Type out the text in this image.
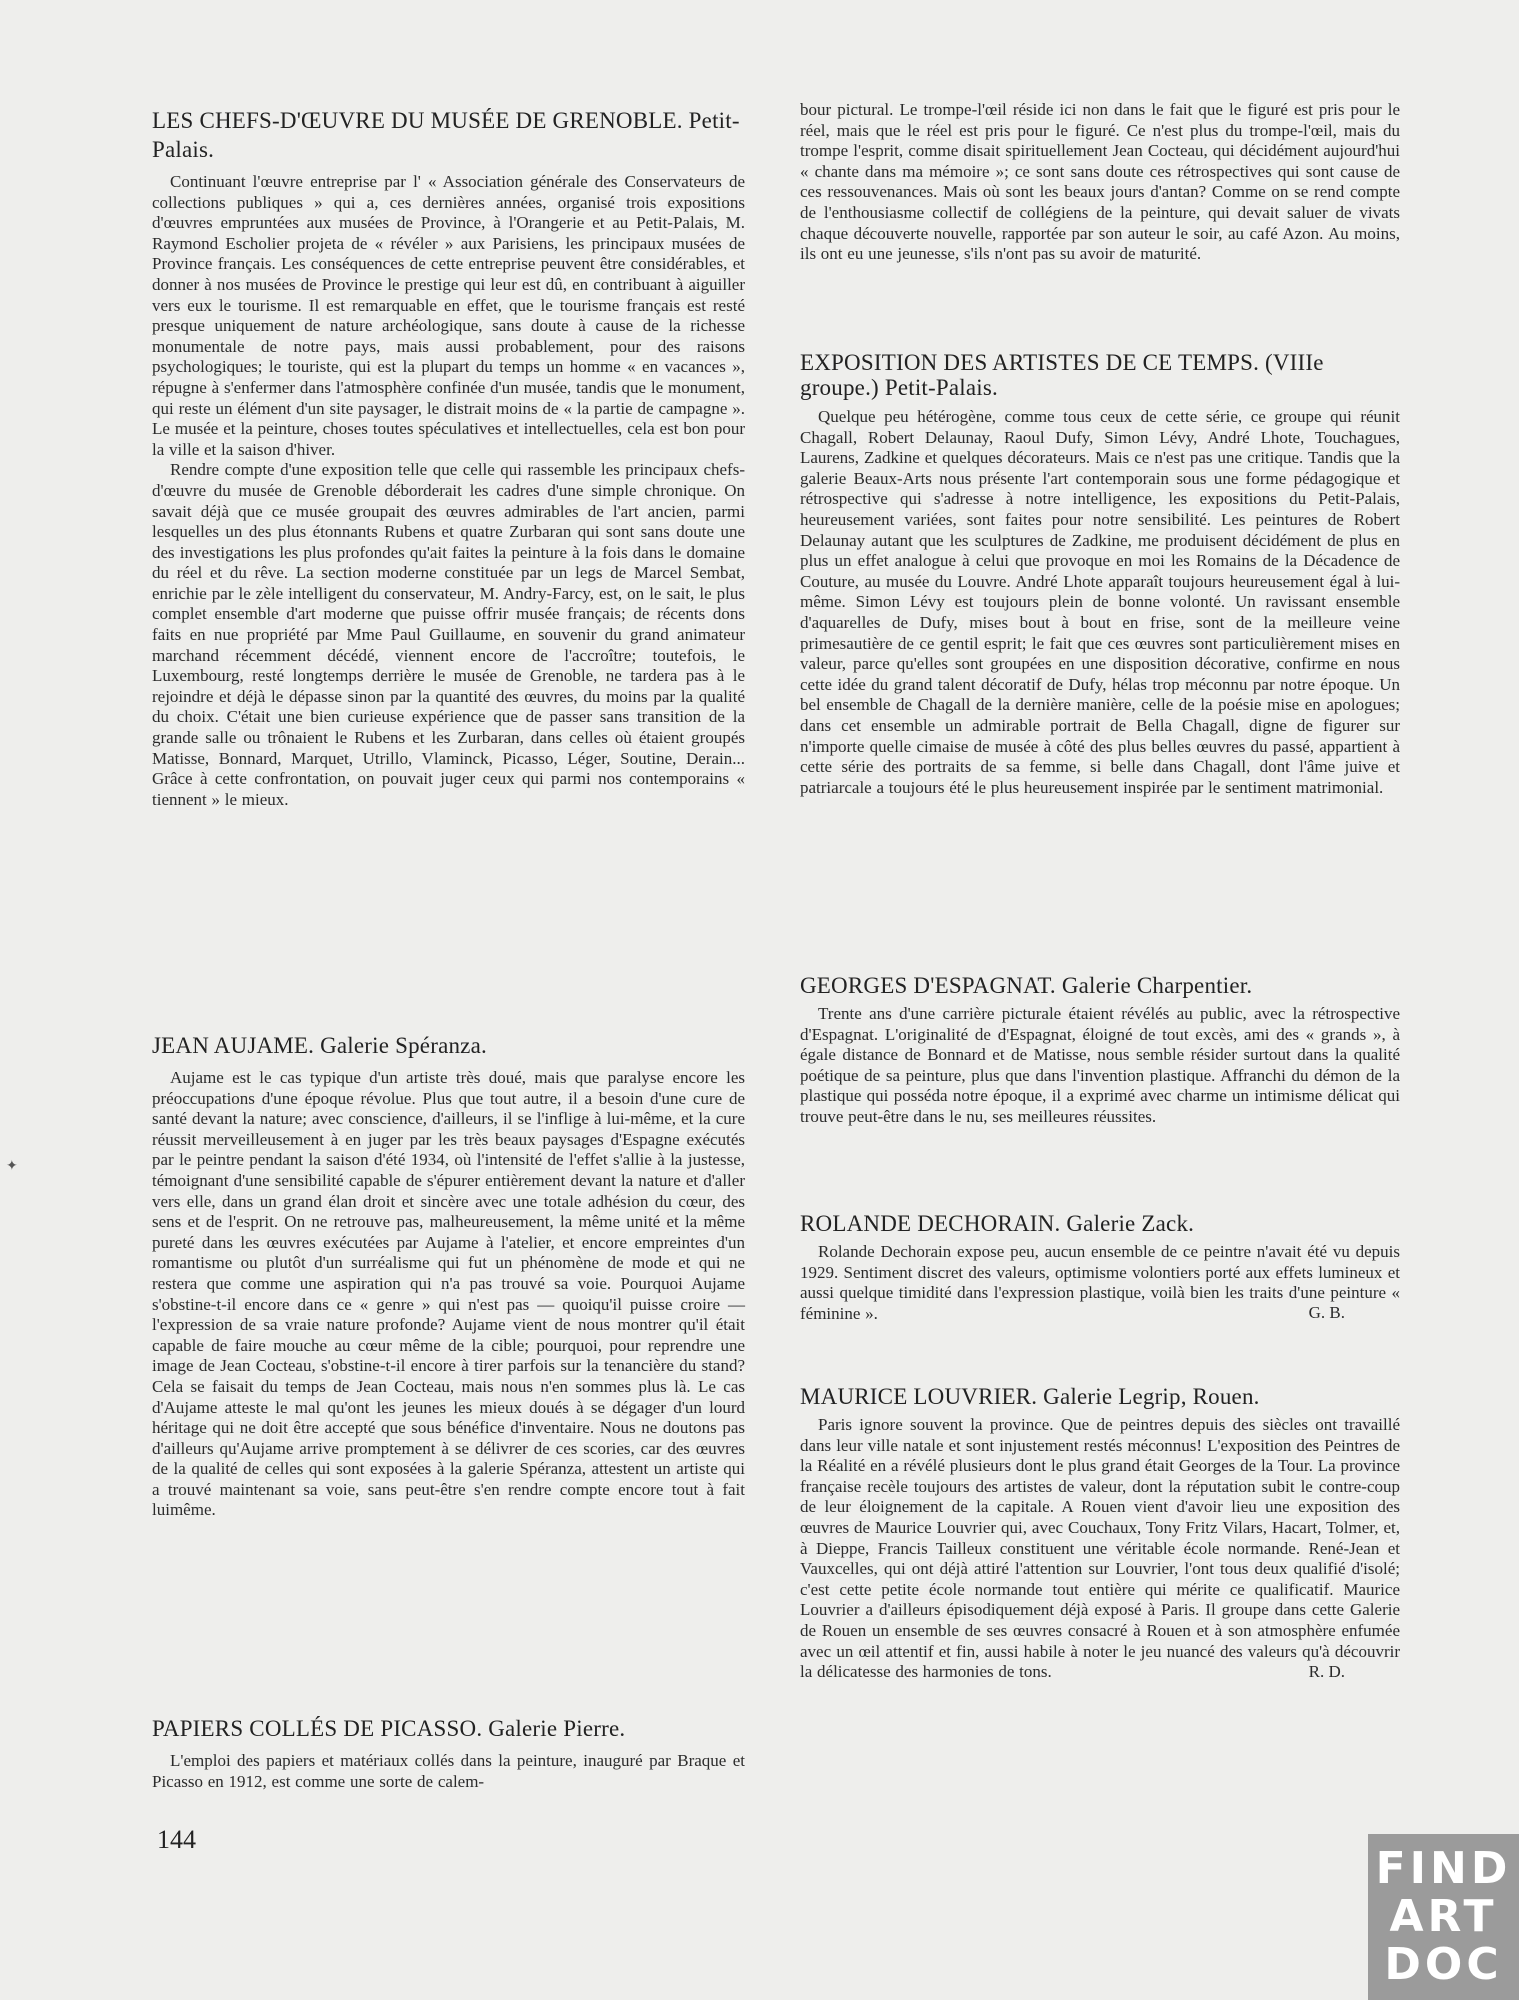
LES CHEFS-D'ŒUVRE DU MUSÉE DE GRENOBLE. Petit-Palais.

Continuant l'œuvre entreprise par l' « Association générale des Conservateurs de collections publiques » qui a, ces dernières années, organisé trois expositions d'œuvres empruntées aux musées de Province, à l'Orangerie et au Petit-Palais, M. Raymond Escholier projeta de « révéler » aux Parisiens, les principaux musées de Province français. Les conséquences de cette entreprise peuvent être considérables, et donner à nos musées de Province le prestige qui leur est dû, en contribuant à aiguiller vers eux le tourisme. Il est remarquable en effet, que le tourisme français est resté presque uniquement de nature archéologique, sans doute à cause de la richesse monumentale de notre pays, mais aussi probablement, pour des raisons psychologiques; le touriste, qui est la plupart du temps un homme « en vacances », répugne à s'enfermer dans l'atmosphère confinée d'un musée, tandis que le monument, qui reste un élément d'un site paysager, le distrait moins de « la partie de campagne ». Le musée et la peinture, choses toutes spéculatives et intellectuelles, cela est bon pour la ville et la saison d'hiver.

Rendre compte d'une exposition telle que celle qui rassemble les principaux chefs-d'œuvre du musée de Grenoble déborderait les cadres d'une simple chronique. On savait déjà que ce musée groupait des œuvres admirables de l'art ancien, parmi lesquelles un des plus étonnants Rubens et quatre Zurbaran qui sont sans doute une des investigations les plus profondes qu'ait faites la peinture à la fois dans le domaine du réel et du rêve. La section moderne constituée par un legs de Marcel Sembat, enrichie par le zèle intelligent du conservateur, M. Andry-Farcy, est, on le sait, le plus complet ensemble d'art moderne que puisse offrir musée français; de récents dons faits en nue propriété par Mme Paul Guillaume, en souvenir du grand animateur marchand récemment décédé, viennent encore de l'accroître; toutefois, le Luxembourg, resté longtemps derrière le musée de Grenoble, ne tardera pas à le rejoindre et déjà le dépasse sinon par la quantité des œuvres, du moins par la qualité du choix. C'était une bien curieuse expérience que de passer sans transition de la grande salle ou trônaient le Rubens et les Zurbaran, dans celles où étaient groupés Matisse, Bonnard, Marquet, Utrillo, Vlaminck, Picasso, Léger, Soutine, Derain... Grâce à cette confrontation, on pouvait juger ceux qui parmi nos contemporains « tiennent » le mieux.

JEAN AUJAME. Galerie Spéranza.

Aujame est le cas typique d'un artiste très doué, mais que paralyse encore les préoccupations d'une époque révolue. Plus que tout autre, il a besoin d'une cure de santé devant la nature; avec conscience, d'ailleurs, il se l'inflige à lui-même, et la cure réussit merveilleusement à en juger par les très beaux paysages d'Espagne exécutés par le peintre pendant la saison d'été 1934, où l'intensité de l'effet s'allie à la justesse, témoignant d'une sensibilité capable de s'épurer entièrement devant la nature et d'aller vers elle, dans un grand élan droit et sincère avec une totale adhésion du cœur, des sens et de l'esprit. On ne retrouve pas, malheureusement, la même unité et la même pureté dans les œuvres exécutées par Aujame à l'atelier, et encore empreintes d'un romantisme ou plutôt d'un surréalisme qui fut un phénomène de mode et qui ne restera que comme une aspiration qui n'a pas trouvé sa voie. Pourquoi Aujame s'obstine-t-il encore dans ce « genre » qui n'est pas — quoiqu'il puisse croire — l'expression de sa vraie nature profonde? Aujame vient de nous montrer qu'il était capable de faire mouche au cœur même de la cible; pourquoi, pour reprendre une image de Jean Cocteau, s'obstine-t-il encore à tirer parfois sur la tenancière du stand? Cela se faisait du temps de Jean Cocteau, mais nous n'en sommes plus là. Le cas d'Aujame atteste le mal qu'ont les jeunes les mieux doués à se dégager d'un lourd héritage qui ne doit être accepté que sous bénéfice d'inventaire. Nous ne doutons pas d'ailleurs qu'Aujame arrive promptement à se délivrer de ces scories, car des œuvres de la qualité de celles qui sont exposées à la galerie Spéranza, attestent un artiste qui a trouvé maintenant sa voie, sans peut-être s'en rendre compte encore tout à fait luimême.

PAPIERS COLLÉS DE PICASSO. Galerie Pierre.

L'emploi des papiers et matériaux collés dans la peinture, inauguré par Braque et Picasso en 1912, est comme une sorte de calem-

bour pictural. Le trompe-l'œil réside ici non dans le fait que le figuré est pris pour le réel, mais que le réel est pris pour le figuré. Ce n'est plus du trompe-l'œil, mais du trompe l'esprit, comme disait spirituellement Jean Cocteau, qui décidément aujourd'hui « chante dans ma mémoire »; ce sont sans doute ces rétrospectives qui sont cause de ces ressouvenances. Mais où sont les beaux jours d'antan? Comme on se rend compte de l'enthousiasme collectif de collégiens de la peinture, qui devait saluer de vivats chaque découverte nouvelle, rapportée par son auteur le soir, au café Azon. Au moins, ils ont eu une jeunesse, s'ils n'ont pas su avoir de maturité.

EXPOSITION DES ARTISTES DE CE TEMPS. (VIIIe groupe.) Petit-Palais.

Quelque peu hétérogène, comme tous ceux de cette série, ce groupe qui réunit Chagall, Robert Delaunay, Raoul Dufy, Simon Lévy, André Lhote, Touchagues, Laurens, Zadkine et quelques décorateurs. Mais ce n'est pas une critique. Tandis que la galerie Beaux-Arts nous présente l'art contemporain sous une forme pédagogique et rétrospective qui s'adresse à notre intelligence, les expositions du Petit-Palais, heureusement variées, sont faites pour notre sensibilité. Les peintures de Robert Delaunay autant que les sculptures de Zadkine, me produisent décidément de plus en plus un effet analogue à celui que provoque en moi les Romains de la Décadence de Couture, au musée du Louvre. André Lhote apparaît toujours heureusement égal à lui-même. Simon Lévy est toujours plein de bonne volonté. Un ravissant ensemble d'aquarelles de Dufy, mises bout à bout en frise, sont de la meilleure veine primesautière de ce gentil esprit; le fait que ces œuvres sont particulièrement mises en valeur, parce qu'elles sont groupées en une disposition décorative, confirme en nous cette idée du grand talent décoratif de Dufy, hélas trop méconnu par notre époque. Un bel ensemble de Chagall de la dernière manière, celle de la poésie mise en apologues; dans cet ensemble un admirable portrait de Bella Chagall, digne de figurer sur n'importe quelle cimaise de musée à côté des plus belles œuvres du passé, appartient à cette série des portraits de sa femme, si belle dans Chagall, dont l'âme juive et patriarcale a toujours été le plus heureusement inspirée par le sentiment matrimonial.

GEORGES D'ESPAGNAT. Galerie Charpentier.

Trente ans d'une carrière picturale étaient révélés au public, avec la rétrospective d'Espagnat. L'originalité de d'Espagnat, éloigné de tout excès, ami des « grands », à égale distance de Bonnard et de Matisse, nous semble résider surtout dans la qualité poétique de sa peinture, plus que dans l'invention plastique. Affranchi du démon de la plastique qui posséda notre époque, il a exprimé avec charme un intimisme délicat qui trouve peut-être dans le nu, ses meilleures réussites.

ROLANDE DECHORAIN. Galerie Zack.

Rolande Dechorain expose peu, aucun ensemble de ce peintre n'avait été vu depuis 1929. Sentiment discret des valeurs, optimisme volontiers porté aux effets lumineux et aussi quelque timidité dans l'expression plastique, voilà bien les traits d'une peinture « féminine ».	G. B.

MAURICE LOUVRIER. Galerie Legrip, Rouen.

Paris ignore souvent la province. Que de peintres depuis des siècles ont travaillé dans leur ville natale et sont injustement restés méconnus! L'exposition des Peintres de la Réalité en a révélé plusieurs dont le plus grand était Georges de la Tour. La province française recèle toujours des artistes de valeur, dont la réputation subit le contre-coup de leur éloignement de la capitale. A Rouen vient d'avoir lieu une exposition des œuvres de Maurice Louvrier qui, avec Couchaux, Tony Fritz Vilars, Hacart, Tolmer, et, à Dieppe, Francis Tailleux constituent une véritable école normande. René-Jean et Vauxcelles, qui ont déjà attiré l'attention sur Louvrier, l'ont tous deux qualifié d'isolé; c'est cette petite école normande tout entière qui mérite ce qualificatif. Maurice Louvrier a d'ailleurs épisodiquement déjà exposé à Paris. Il groupe dans cette Galerie de Rouen un ensemble de ses œuvres consacré à Rouen et à son atmosphère enfumée avec un œil attentif et fin, aussi habile à noter le jeu nuancé des valeurs qu'à découvrir la délicatesse des harmonies de tons.	R. D.

✦
144
FIND
ART
DOC
